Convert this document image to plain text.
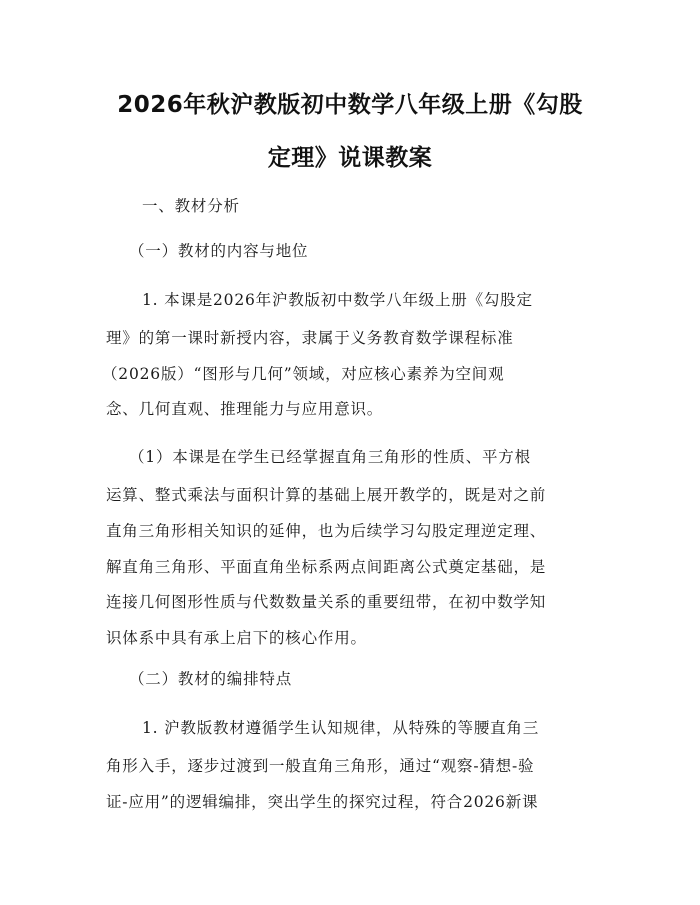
2026年秋沪教版初中数学八年级上册《勾股
定理》说课教案
一、教材分析
（一）教材的内容与地位
1. 本课是2026年沪教版初中数学八年级上册《勾股定
理》的第一课时新授内容，隶属于义务教育数学课程标准
（2026版）“图形与几何”领域，对应核心素养为空间观
念、几何直观、推理能力与应用意识。
（1）本课是在学生已经掌握直角三角形的性质、平方根
运算、整式乘法与面积计算的基础上展开教学的，既是对之前
直角三角形相关知识的延伸，也为后续学习勾股定理逆定理、
解直角三角形、平面直角坐标系两点间距离公式奠定基础，是
连接几何图形性质与代数数量关系的重要纽带，在初中数学知
识体系中具有承上启下的核心作用。
（二）教材的编排特点
1. 沪教版教材遵循学生认知规律，从特殊的等腰直角三
角形入手，逐步过渡到一般直角三角形，通过“观察-猜想-验
证-应用”的逻辑编排，突出学生的探究过程，符合2026新课
